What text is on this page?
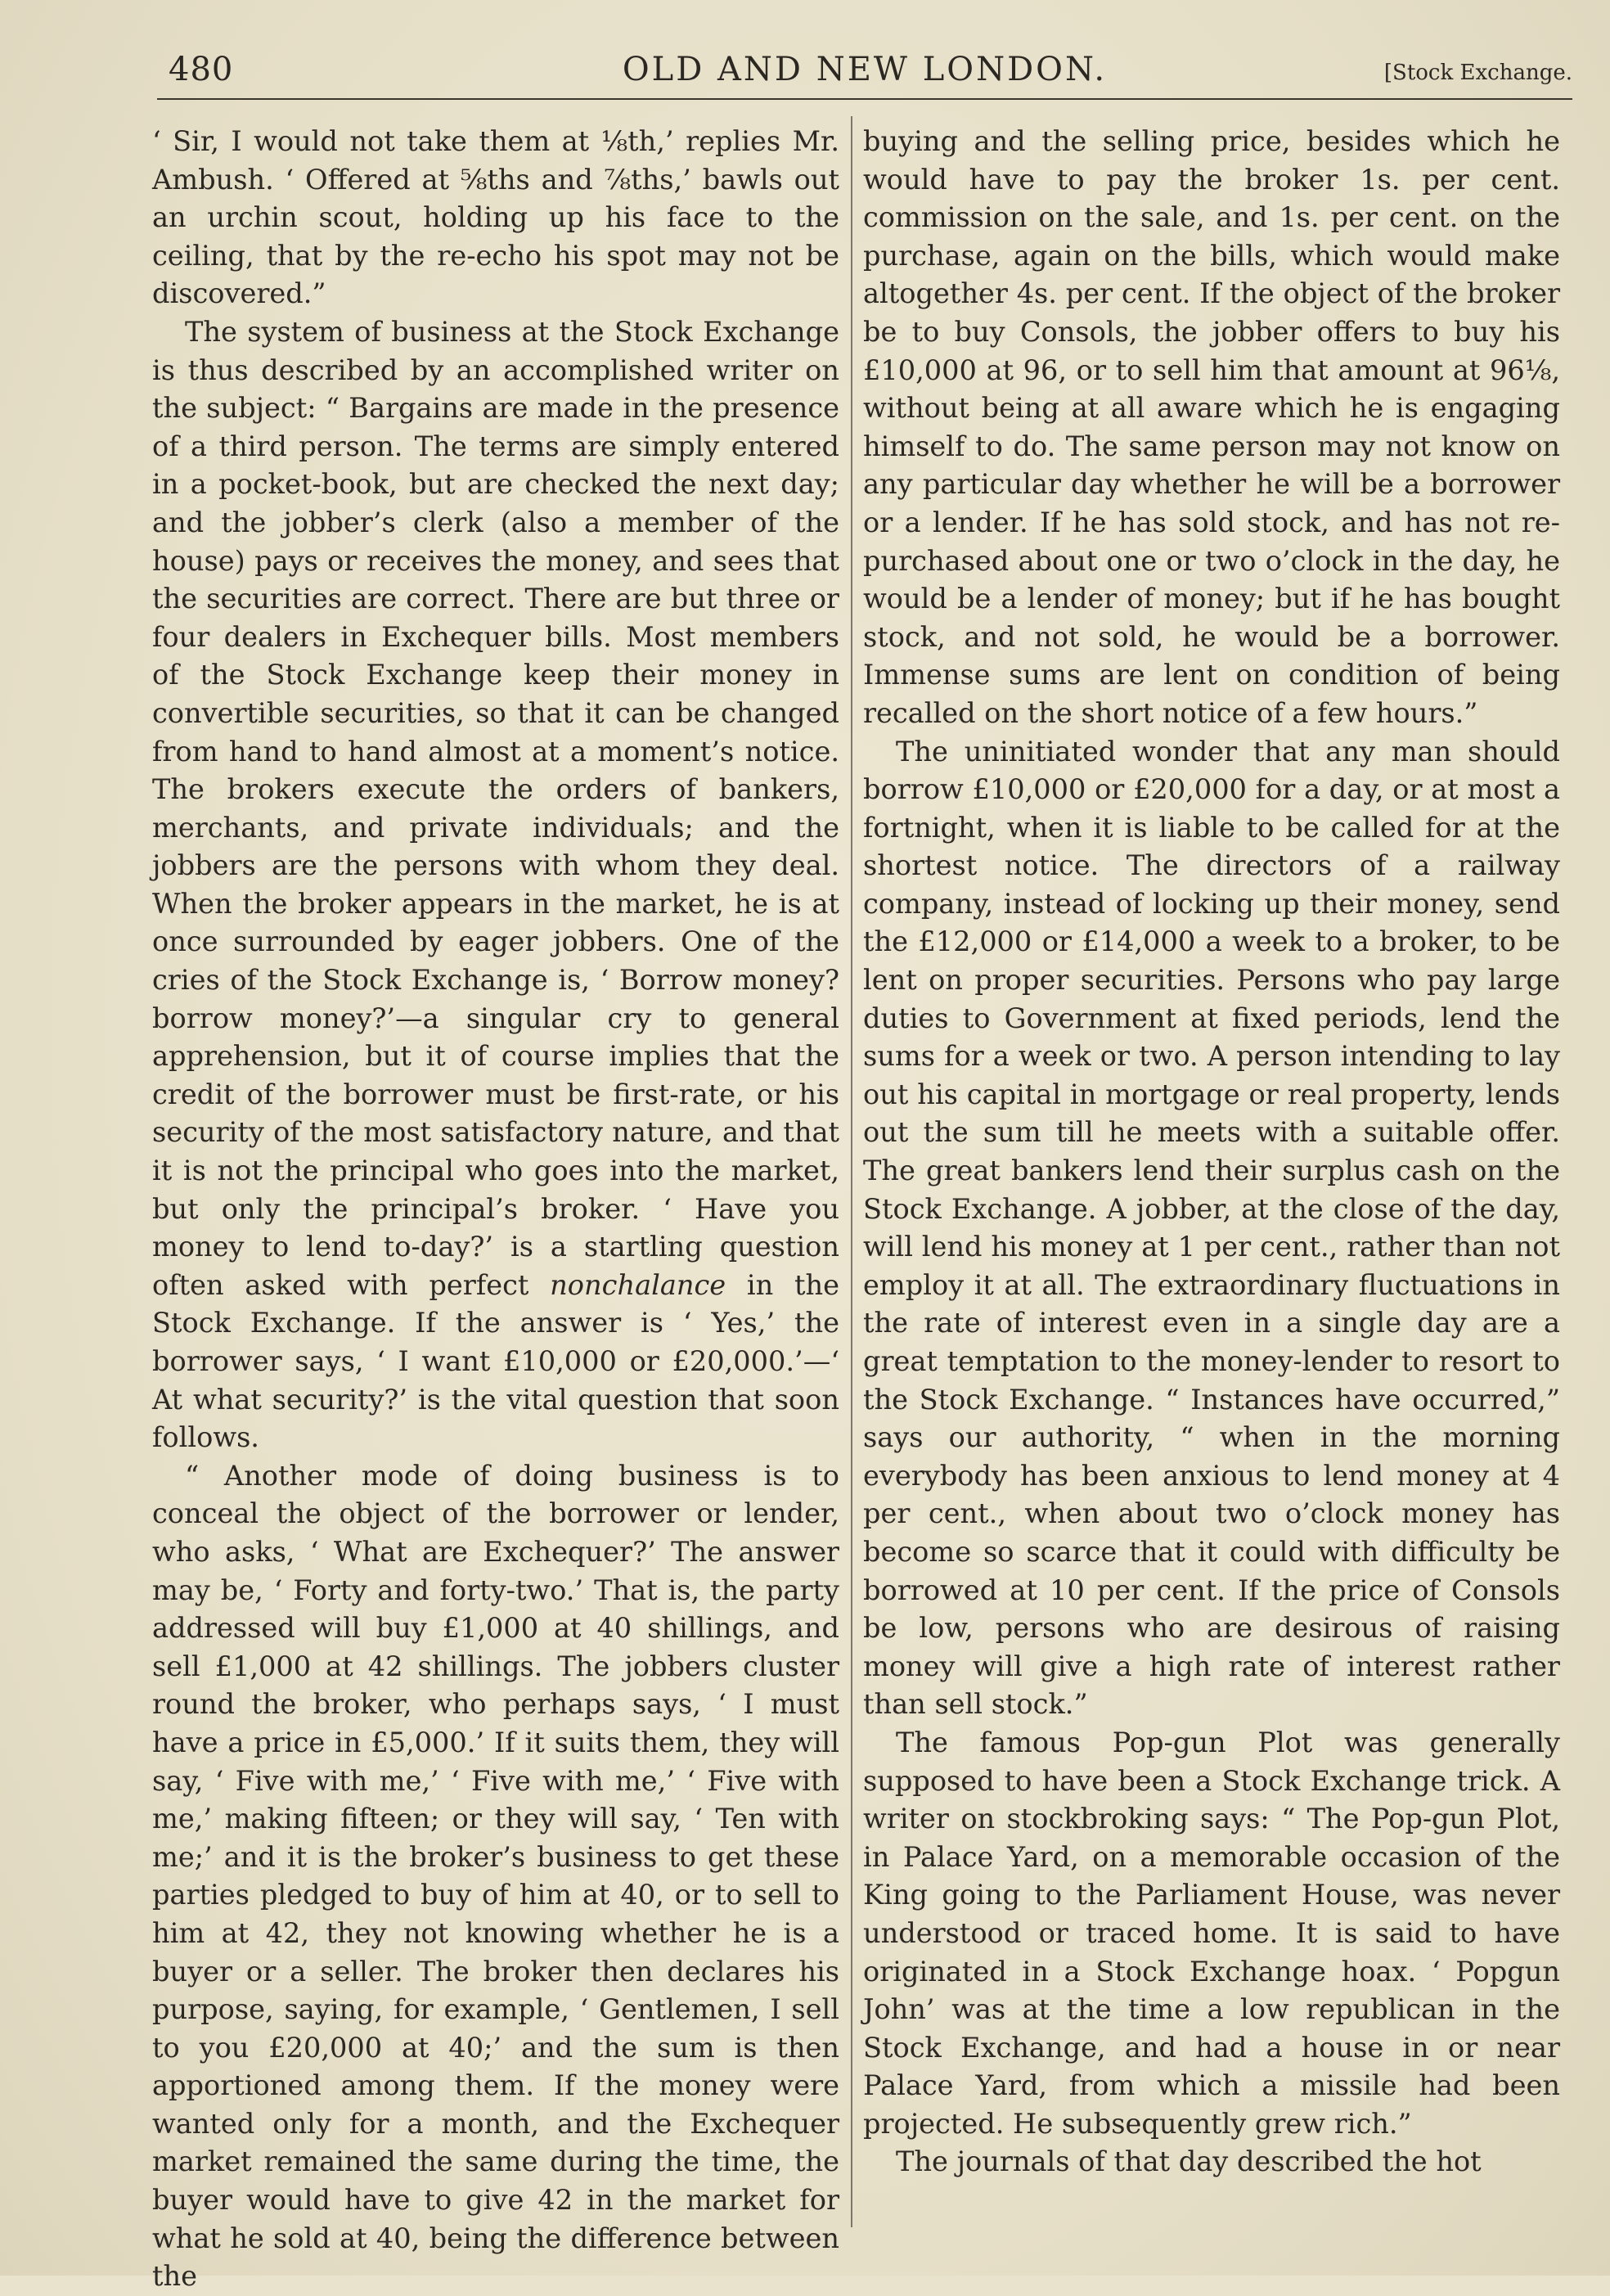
480	OLD AND NEW LONDON.	[Stock Exchange.

‘ Sir, I would not take them at ⅛th,’ replies Mr. Ambush. ‘ Offered at ⅝ths and ⅞ths,’ bawls out an urchin scout, holding up his face to the ceiling, that by the re-echo his spot may not be discovered.”

The system of business at the Stock Exchange is thus described by an accomplished writer on the subject: “ Bargains are made in the presence of a third person. The terms are simply entered in a pocket-book, but are checked the next day; and the jobber’s clerk (also a member of the house) pays or receives the money, and sees that the securities are correct. There are but three or four dealers in Exchequer bills. Most members of the Stock Exchange keep their money in convertible securities, so that it can be changed from hand to hand almost at a moment’s notice. The brokers execute the orders of bankers, merchants, and private individuals; and the jobbers are the persons with whom they deal. When the broker appears in the market, he is at once surrounded by eager jobbers. One of the cries of the Stock Exchange is, ‘ Borrow money? borrow money?’—a singular cry to general apprehension, but it of course implies that the credit of the borrower must be first-rate, or his security of the most satisfactory nature, and that it is not the principal who goes into the market, but only the principal’s broker. ‘ Have you money to lend to-day?’ is a startling question often asked with perfect nonchalance in the Stock Exchange. If the answer is ‘ Yes,’ the borrower says, ‘ I want £10,000 or £20,000.’—‘ At what security?’ is the vital question that soon follows.

“ Another mode of doing business is to conceal the object of the borrower or lender, who asks, ‘ What are Exchequer?’ The answer may be, ‘ Forty and forty-two.’ That is, the party addressed will buy £1,000 at 40 shillings, and sell £1,000 at 42 shillings. The jobbers cluster round the broker, who perhaps says, ‘ I must have a price in £5,000.’ If it suits them, they will say, ‘ Five with me,’ ‘ Five with me,’ ‘ Five with me,’ making fifteen; or they will say, ‘ Ten with me;’ and it is the broker’s business to get these parties pledged to buy of him at 40, or to sell to him at 42, they not knowing whether he is a buyer or a seller. The broker then declares his purpose, saying, for example, ‘ Gentlemen, I sell to you £20,000 at 40;’ and the sum is then apportioned among them. If the money were wanted only for a month, and the Exchequer market remained the same during the time, the buyer would have to give 42 in the market for what he sold at 40, being the difference between the

buying and the selling price, besides which he would have to pay the broker 1s. per cent. commission on the sale, and 1s. per cent. on the purchase, again on the bills, which would make altogether 4s. per cent. If the object of the broker be to buy Consols, the jobber offers to buy his £10,000 at 96, or to sell him that amount at 96⅛, without being at all aware which he is engaging himself to do. The same person may not know on any particular day whether he will be a borrower or a lender. If he has sold stock, and has not re-purchased about one or two o’clock in the day, he would be a lender of money; but if he has bought stock, and not sold, he would be a borrower. Immense sums are lent on condition of being recalled on the short notice of a few hours.”

The uninitiated wonder that any man should borrow £10,000 or £20,000 for a day, or at most a fortnight, when it is liable to be called for at the shortest notice. The directors of a railway company, instead of locking up their money, send the £12,000 or £14,000 a week to a broker, to be lent on proper securities. Persons who pay large duties to Government at fixed periods, lend the sums for a week or two. A person intending to lay out his capital in mortgage or real property, lends out the sum till he meets with a suitable offer. The great bankers lend their surplus cash on the Stock Exchange. A jobber, at the close of the day, will lend his money at 1 per cent., rather than not employ it at all. The extraordinary fluctuations in the rate of interest even in a single day are a great temptation to the money-lender to resort to the Stock Exchange. “ Instances have occurred,” says our authority, “ when in the morning everybody has been anxious to lend money at 4 per cent., when about two o’clock money has become so scarce that it could with difficulty be borrowed at 10 per cent. If the price of Consols be low, persons who are desirous of raising money will give a high rate of interest rather than sell stock.”

The famous Pop-gun Plot was generally supposed to have been a Stock Exchange trick. A writer on stockbroking says: “ The Pop-gun Plot, in Palace Yard, on a memorable occasion of the King going to the Parliament House, was never understood or traced home. It is said to have originated in a Stock Exchange hoax. ‘ Popgun John’ was at the time a low republican in the Stock Exchange, and had a house in or near Palace Yard, from which a missile had been projected. He subsequently grew rich.”

The journals of that day described the hot
